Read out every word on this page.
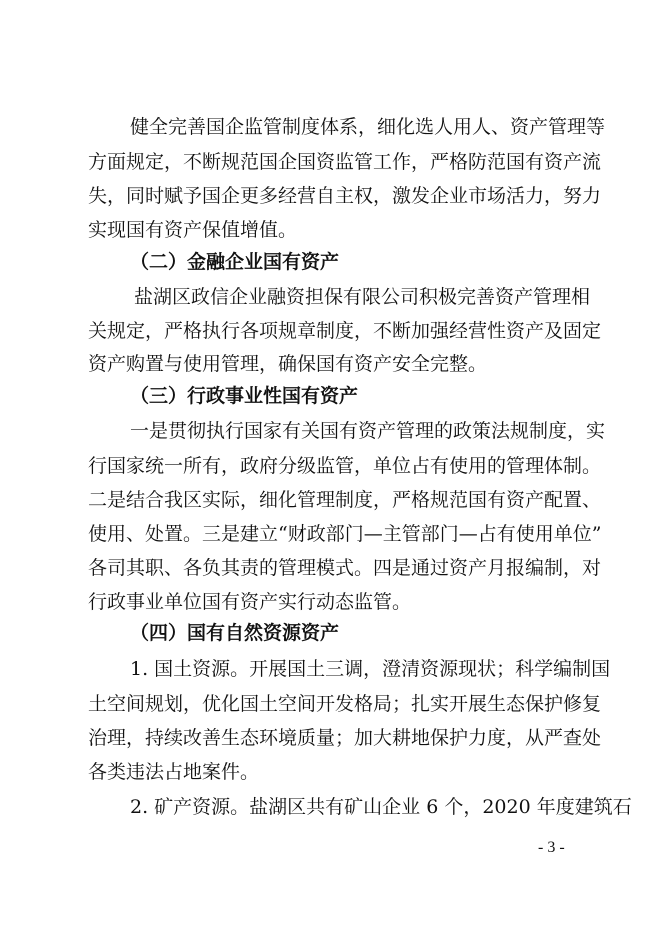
健全完善国企监管制度体系，细化选人用人、资产管理等
方面规定，不断规范国企国资监管工作，严格防范国有资产流
失，同时赋予国企更多经营自主权，激发企业市场活力，努力
实现国有资产保值增值。
（二）金融企业国有资产
盐湖区政信企业融资担保有限公司积极完善资产管理相
关规定，严格执行各项规章制度，不断加强经营性资产及固定
资产购置与使用管理，确保国有资产安全完整。
（三）行政事业性国有资产
一是贯彻执行国家有关国有资产管理的政策法规制度，实
行国家统一所有，政府分级监管，单位占有使用的管理体制。
二是结合我区实际，细化管理制度，严格规范国有资产配置、
使用、处置。三是建立“财政部门—主管部门—占有使用单位”
各司其职、各负其责的管理模式。四是通过资产月报编制，对
行政事业单位国有资产实行动态监管。
（四）国有自然资源资产
1. 国土资源。开展国土三调，澄清资源现状；科学编制国
土空间规划，优化国土空间开发格局；扎实开展生态保护修复
治理，持续改善生态环境质量；加大耕地保护力度，从严查处
各类违法占地案件。
2. 矿产资源。盐湖区共有矿山企业 6 个，2020 年度建筑石
- 3 -
